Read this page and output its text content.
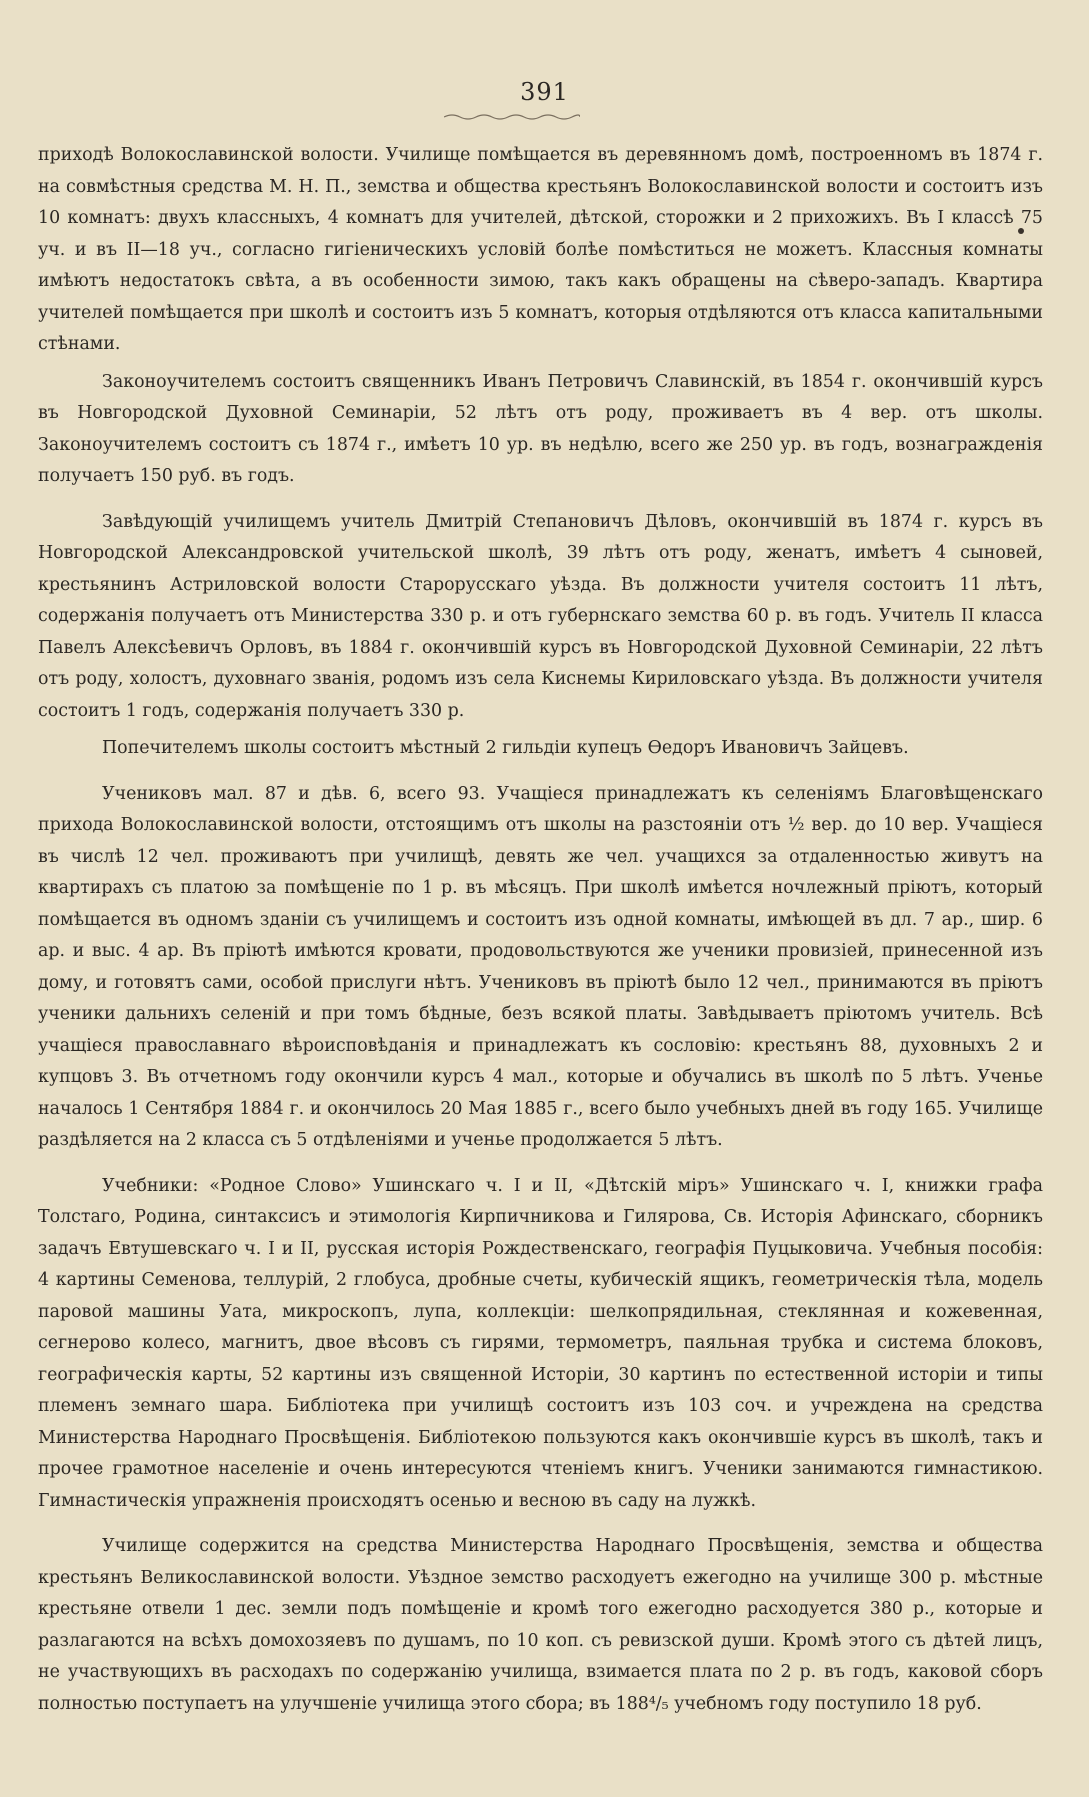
391

приходѣ Волокославинской волости. Училище помѣщается въ деревянномъ домѣ, построенномъ въ 1874 г. на совмѣстныя средства М. Н. П., земства и общества крестьянъ Волокославинской волости и состоитъ изъ 10 комнатъ: двухъ классныхъ, 4 комнатъ для учителей, дѣтской, сторожки и 2 прихожихъ. Въ I классѣ 75 уч. и въ II—18 уч., согласно гигіеническихъ условій болѣе помѣститься не можетъ. Классныя комнаты имѣютъ недостатокъ свѣта, а въ особенности зимою, такъ какъ обращены на сѣверо-западъ. Квартира учителей помѣщается при школѣ и состоитъ изъ 5 комнатъ, которыя отдѣляются отъ класса капитальными стѣнами.

Законоучителемъ состоитъ священникъ Иванъ Петровичъ Славинскій, въ 1854 г. окончившій курсъ въ Новгородской Духовной Семинаріи, 52 лѣтъ отъ роду, проживаетъ въ 4 вер. отъ школы. Законоучителемъ состоитъ съ 1874 г., имѣетъ 10 ур. въ недѣлю, всего же 250 ур. въ годъ, вознагражденія получаетъ 150 руб. въ годъ.

Завѣдующій училищемъ учитель Дмитрій Степановичъ Дѣловъ, окончившій въ 1874 г. курсъ въ Новгородской Александровской учительской школѣ, 39 лѣтъ отъ роду, женатъ, имѣетъ 4 сыновей, крестьянинъ Астриловской волости Старорусскаго уѣзда. Въ должности учителя состоитъ 11 лѣтъ, содержанія получаетъ отъ Министерства 330 р. и отъ губернскаго земства 60 р. въ годъ. Учитель II класса Павелъ Алексѣевичъ Орловъ, въ 1884 г. окончившій курсъ въ Новгородской Духовной Семинаріи, 22 лѣтъ отъ роду, холостъ, духовнаго званія, родомъ изъ села Киснемы Кириловскаго уѣзда. Въ должности учителя состоитъ 1 годъ, содержанія получаетъ 330 р.

Попечителемъ школы состоитъ мѣстный 2 гильдіи купецъ Ѳедоръ Ивановичъ Зайцевъ.

Учениковъ мал. 87 и дѣв. 6, всего 93. Учащіеся принадлежатъ къ селеніямъ Благовѣщенскаго прихода Волокославинской волости, отстоящимъ отъ школы на разстояніи отъ ½ вер. до 10 вер. Учащіеся въ числѣ 12 чел. проживаютъ при училищѣ, девять же чел. учащихся за отдаленностью живутъ на квартирахъ съ платою за помѣщеніе по 1 р. въ мѣсяцъ. При школѣ имѣется ночлежный пріютъ, который помѣщается въ одномъ зданіи съ училищемъ и состоитъ изъ одной комнаты, имѣющей въ дл. 7 ар., шир. 6 ар. и выс. 4 ар. Въ пріютѣ имѣются кровати, продовольствуются же ученики провизіей, принесенной изъ дому, и готовятъ сами, особой прислуги нѣтъ. Учениковъ въ пріютѣ было 12 чел., принимаются въ пріютъ ученики дальнихъ селеній и при томъ бѣдные, безъ всякой платы. Завѣдываетъ пріютомъ учитель. Всѣ учащіеся православнаго вѣроисповѣданія и принадлежатъ къ сословію: крестьянъ 88, духовныхъ 2 и купцовъ 3. Въ отчетномъ году окончили курсъ 4 мал., которые и обучались въ школѣ по 5 лѣтъ. Ученье началось 1 Сентября 1884 г. и окончилось 20 Мая 1885 г., всего было учебныхъ дней въ году 165. Училище раздѣляется на 2 класса съ 5 отдѣленіями и ученье продолжается 5 лѣтъ.

Учебники: «Родное Слово» Ушинскаго ч. I и II, «Дѣтскій міръ» Ушинскаго ч. I, книжки графа Толстаго, Родина, синтаксисъ и этимологія Кирпичникова и Гилярова, Св. Исторія Афинскаго, сборникъ задачъ Евтушевскаго ч. I и II, русская исторія Рождественскаго, географія Пуцыковича. Учебныя пособія: 4 картины Семенова, теллурій, 2 глобуса, дробные счеты, кубическій ящикъ, геометрическія тѣла, модель паровой машины Уата, микроскопъ, лупа, коллекціи: шелкопрядильная, стеклянная и кожевенная, сегнерово колесо, магнитъ, двое вѣсовъ съ гирями, термометръ, паяльная трубка и система блоковъ, географическія карты, 52 картины изъ священной Исторіи, 30 картинъ по естественной исторіи и типы племенъ земнаго шара. Библіотека при училищѣ состоитъ изъ 103 соч. и учреждена на средства Министерства Народнаго Просвѣщенія. Библіотекою пользуются какъ окончившіе курсъ въ школѣ, такъ и прочее грамотное населеніе и очень интересуются чтеніемъ книгъ. Ученики занимаются гимнастикою. Гимнастическія упражненія происходятъ осенью и весною въ саду на лужкѣ.

Училище содержится на средства Министерства Народнаго Просвѣщенія, земства и общества крестьянъ Великославинской волости. Уѣздное земство расходуетъ ежегодно на училище 300 р. мѣстные крестьяне отвели 1 дес. земли подъ помѣщеніе и кромѣ того ежегодно расходуется 380 р., которые и разлагаются на всѣхъ домохозяевъ по душамъ, по 10 коп. съ ревизской души. Кромѣ этого съ дѣтей лицъ, не участвующихъ въ расходахъ по содержанію училища, взимается плата по 2 р. въ годъ, каковой сборъ полностью поступаетъ на улучшеніе училища этого сбора; въ 188⁴/₅ учебномъ году поступило 18 руб.
